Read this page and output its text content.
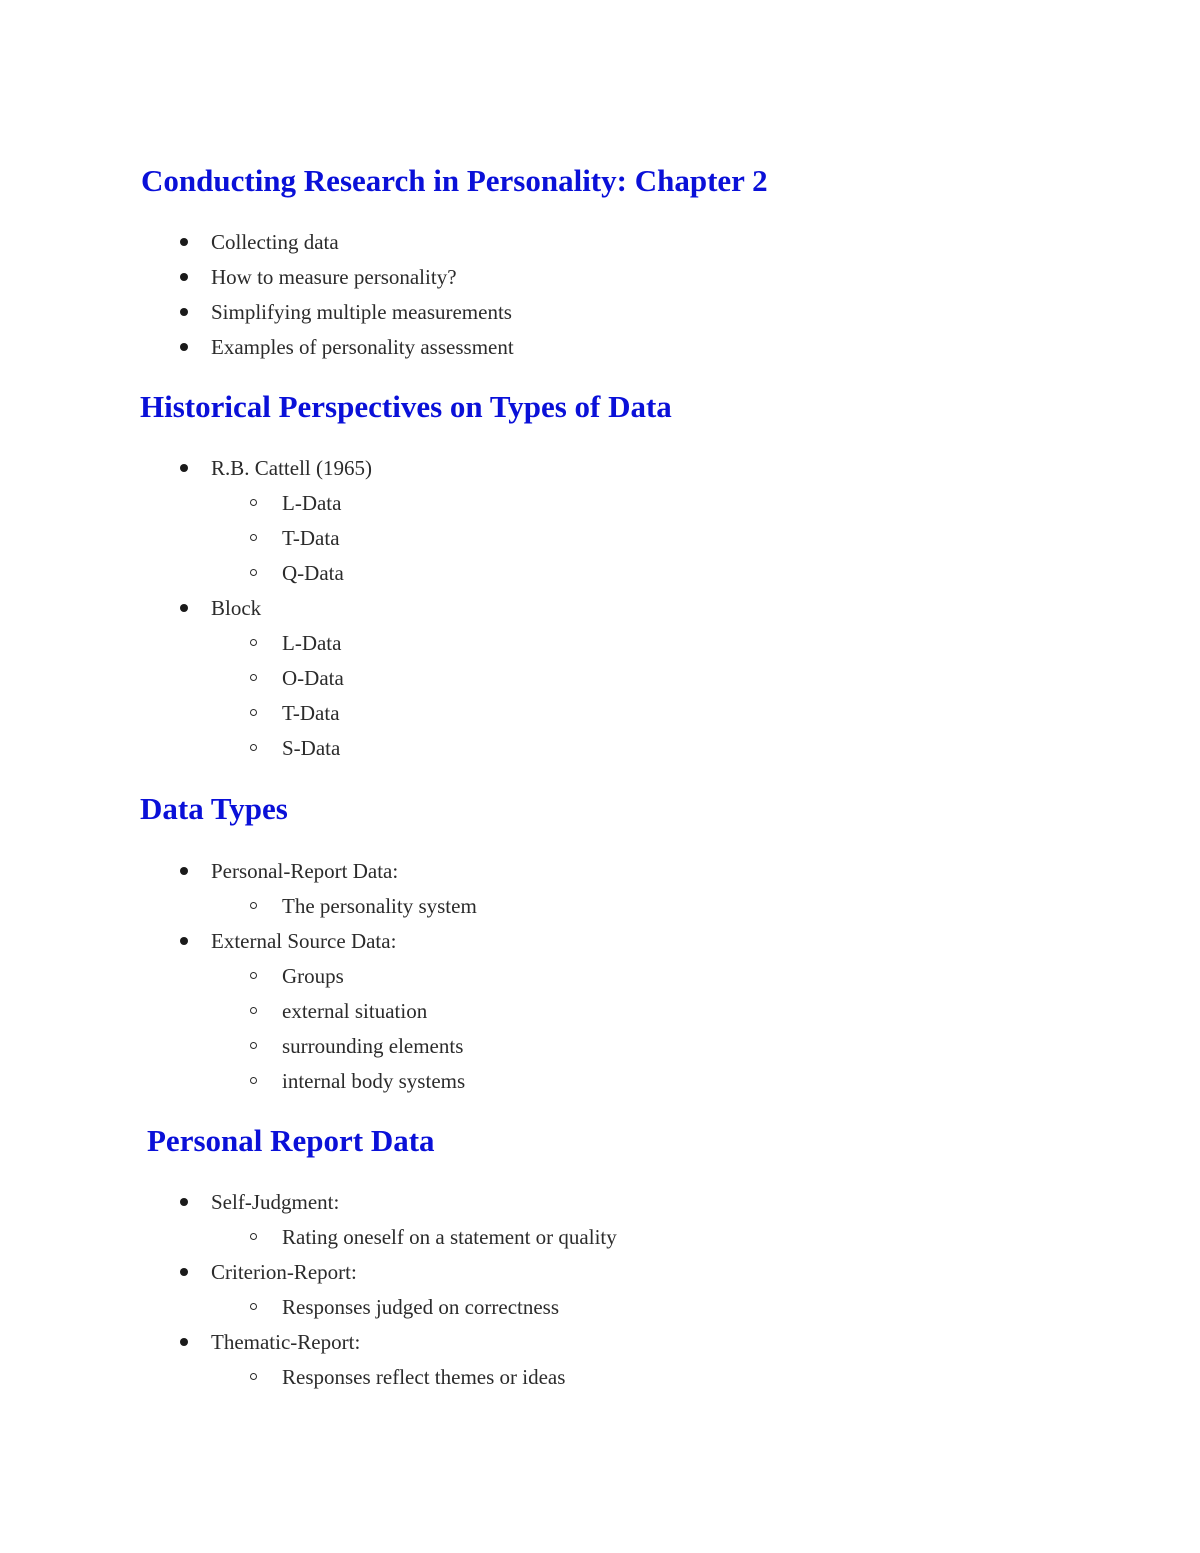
Conducting Research in Personality: Chapter 2
Collecting data
How to measure personality?
Simplifying multiple measurements
Examples of personality assessment
Historical Perspectives on Types of Data
R.B. Cattell (1965)
L-Data
T-Data
Q-Data
Block
L-Data
O-Data
T-Data
S-Data
Data Types
Personal-Report Data:
The personality system
External Source Data:
Groups
external situation
surrounding elements
internal body systems
Personal Report Data
Self-Judgment:
Rating oneself on a statement or quality
Criterion-Report:
Responses judged on correctness
Thematic-Report:
Responses reflect themes or ideas
